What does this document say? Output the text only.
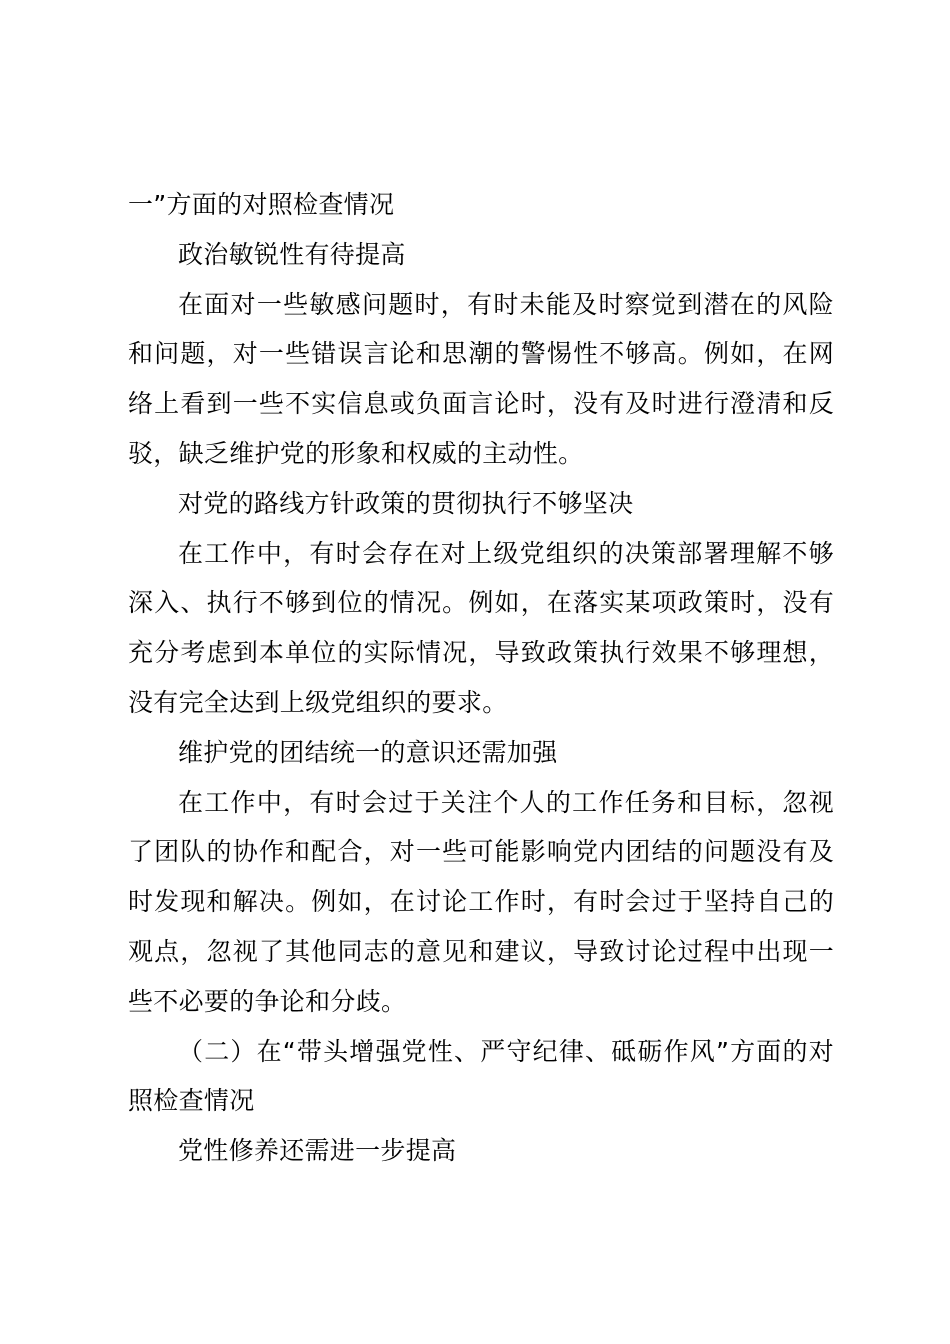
一”方面的对照检查情况

政治敏锐性有待提高

在面对一些敏感问题时，有时未能及时察觉到潜在的风险和问题，对一些错误言论和思潮的警惕性不够高。例如，在网络上看到一些不实信息或负面言论时，没有及时进行澄清和反驳，缺乏维护党的形象和权威的主动性。

对党的路线方针政策的贯彻执行不够坚决

在工作中，有时会存在对上级党组织的决策部署理解不够深入、执行不够到位的情况。例如，在落实某项政策时，没有充分考虑到本单位的实际情况，导致政策执行效果不够理想，没有完全达到上级党组织的要求。

维护党的团结统一的意识还需加强

在工作中，有时会过于关注个人的工作任务和目标，忽视了团队的协作和配合，对一些可能影响党内团结的问题没有及时发现和解决。例如，在讨论工作时，有时会过于坚持自己的观点，忽视了其他同志的意见和建议，导致讨论过程中出现一些不必要的争论和分歧。

（二）在“带头增强党性、严守纪律、砥砺作风”方面的对照检查情况

党性修养还需进一步提高
